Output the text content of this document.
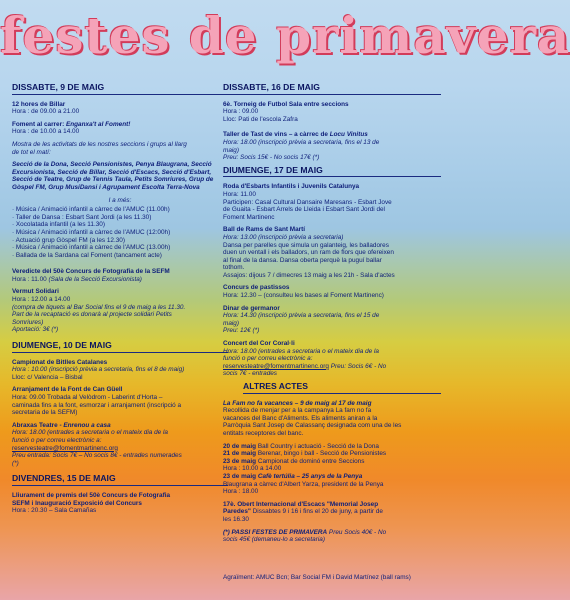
festes de primavera
DISSABTE, 9 DE MAIG
12 hores de Billar
Hora : de 09.00 a 21.00
Foment al carrer: Enganxa't al Foment!
Hora : de 10.00 a 14.00
Mostra de les activitats de les nostres seccions i grups al llarg
de tot el matí:
Secció de la Dona, Secció Pensionistes, Penya Blaugrana, Secció Excursionista, Secció de Billar, Secció d'Escacs, Secció d'Esbart, Secció de Teatre, Grup de Tennis Taula, Petits Somriures, Grup de Gòspel FM, Grup MusiDansi i Agrupament Escolta Terra-Nova
I a més:
· Música / Animació infantil a càrrec de l'AMUC (11.00h)
· Taller de Dansa : Esbart Sant Jordi (a les 11.30)
· Xocolatada infantil (a les 11.30)
· Música / Animació infantil a càrrec de l'AMUC (12:00h)
· Actuació grup Gòspel FM (a les 12.30)
· Música / Animació infantil a càrrec de l'AMUC (13.00h)
· Ballada de la Sardana cal Foment (tancament acte)
Veredicte del 50è Concurs de Fotografia de la SEFM
Hora : 11.00 (Sala de la Secció Excursionista)
Vermut Solidari
Hora : 12.00 a 14.00
(compra de tiquets al Bar Social fins el 9 de maig a les 11.30.
Part de la recaptació es donarà al projecte solidari Petits
Somriures)
Aportació: 3€ (*)
DIUMENGE, 10 DE MAIG
Campionat de Bitlles Catalanes
Hora : 10.00 (inscripció prèvia a secretaria, fins el 8 de maig)
Lloc: c/ Valencia – Bisbal
Arranjament de la Font de Can Güell
Hora: 09.00 Trobada al Velòdrom - Laberint d'Horta –
caminada fins a la font, esmorzar i arranjament (inscripció a
secretaria de la SEFM)
Abraxas Teatre - Enrenou a casa
Hora: 18.00 (entrades a secretaria o el mateix dia de la
funció o per correu electrònic a:
reservesteatre@fomentmartinenc.org
Preu entrada: Socis 7€ – No socis 8€ - entrades numerades
(*)
DIVENDRES, 15 DE MAIG
Lliurament de premis del 50è Concurs de Fotografia
SEFM i Inauguració Exposició del Concurs
Hora : 20.30 – Sala Camañas
DISSABTE, 16 DE MAIG
6è. Torneig de Futbol Sala entre seccions
Hora : 09.00
Lloc: Pati de l'escola Zafra
Taller de Tast de vins – a càrrec de Locu Vinitus
Hora: 18.00 (inscripció prèvia a secretaria, fins el 13 de
maig)
Preu: Socis 15€ - No socis 17€ (*)
DIUMENGE, 17 DE MAIG
Roda d'Esbarts Infantils i Juvenils Catalunya
Hora: 11.00
Participen: Casal Cultural Dansaire Maresans - Esbart Jove
de Guaita - Esbart Arrels de Lleida i Esbart Sant Jordi del
Foment Martinenc
Ball de Rams de Sant Martí
Hora: 13.00 (inscripció prèvia a secretaria)
Dansa per parelles que simula un galanteig, les balladores
duen un ventall i els balladors, un ram de flors que ofereixen
al final de la dansa. Dansa oberta perquè la puguí ballar
tothom.
Assajos: dijous 7 / dimecres 13 maig a les 21h - Sala d'actes
Concurs de pastissos
Hora: 12.30 – (consulteu les bases al Foment Martinenc)
Dinar de germanor
Hora: 14.30 (inscripció prèvia a secretaria, fins el 15 de
maig)
Preu: 12€ (*)
Concert del Cor Coral·li
Hora: 18.00 (entrades a secretaria o el mateix dia de la
funció o per correu electrònic a:
reservesteatre@fomentmartinenc.org Preu: Socis 6€ - No
socis 7€ - entrades
ALTRES ACTES
La Fam no fa vacances – 9 de maig al 17 de maig
Recollida de menjar per a la campanya La fam no fa
vacances del Banc d'Aliments. Els aliments aniran a la
Parròquia Sant Josep de Calassanç designada com una de les
entitats receptores del banc.
20 de maig Ball Country i actuació - Secció de la Dona
21 de maig Berenar, bingo i ball - Secció de Pensionistes
23 de maig Campionat de dominó entre Seccions
Hora : 10.00 a 14.00
23 de maig Cafè tertúlia – 25 anys de la Penya
Blaugrana a càrrec d'Albert Yarza, president de la Penya
Hora : 18.00
17è. Obert Internacional d'Escacs "Memorial Josep
Paredes" Dissabtes 9 i 16 i fins el 20 de juny, a partir de
les 16.30
(*) PASSI FESTES DE PRIMAVERA Preu Socis 40€ - No
socis 45€ (demaneu-lo a secretaria)
Agraïment: AMUC Bcn; Bar Social FM i David Martínez (ball rams)
